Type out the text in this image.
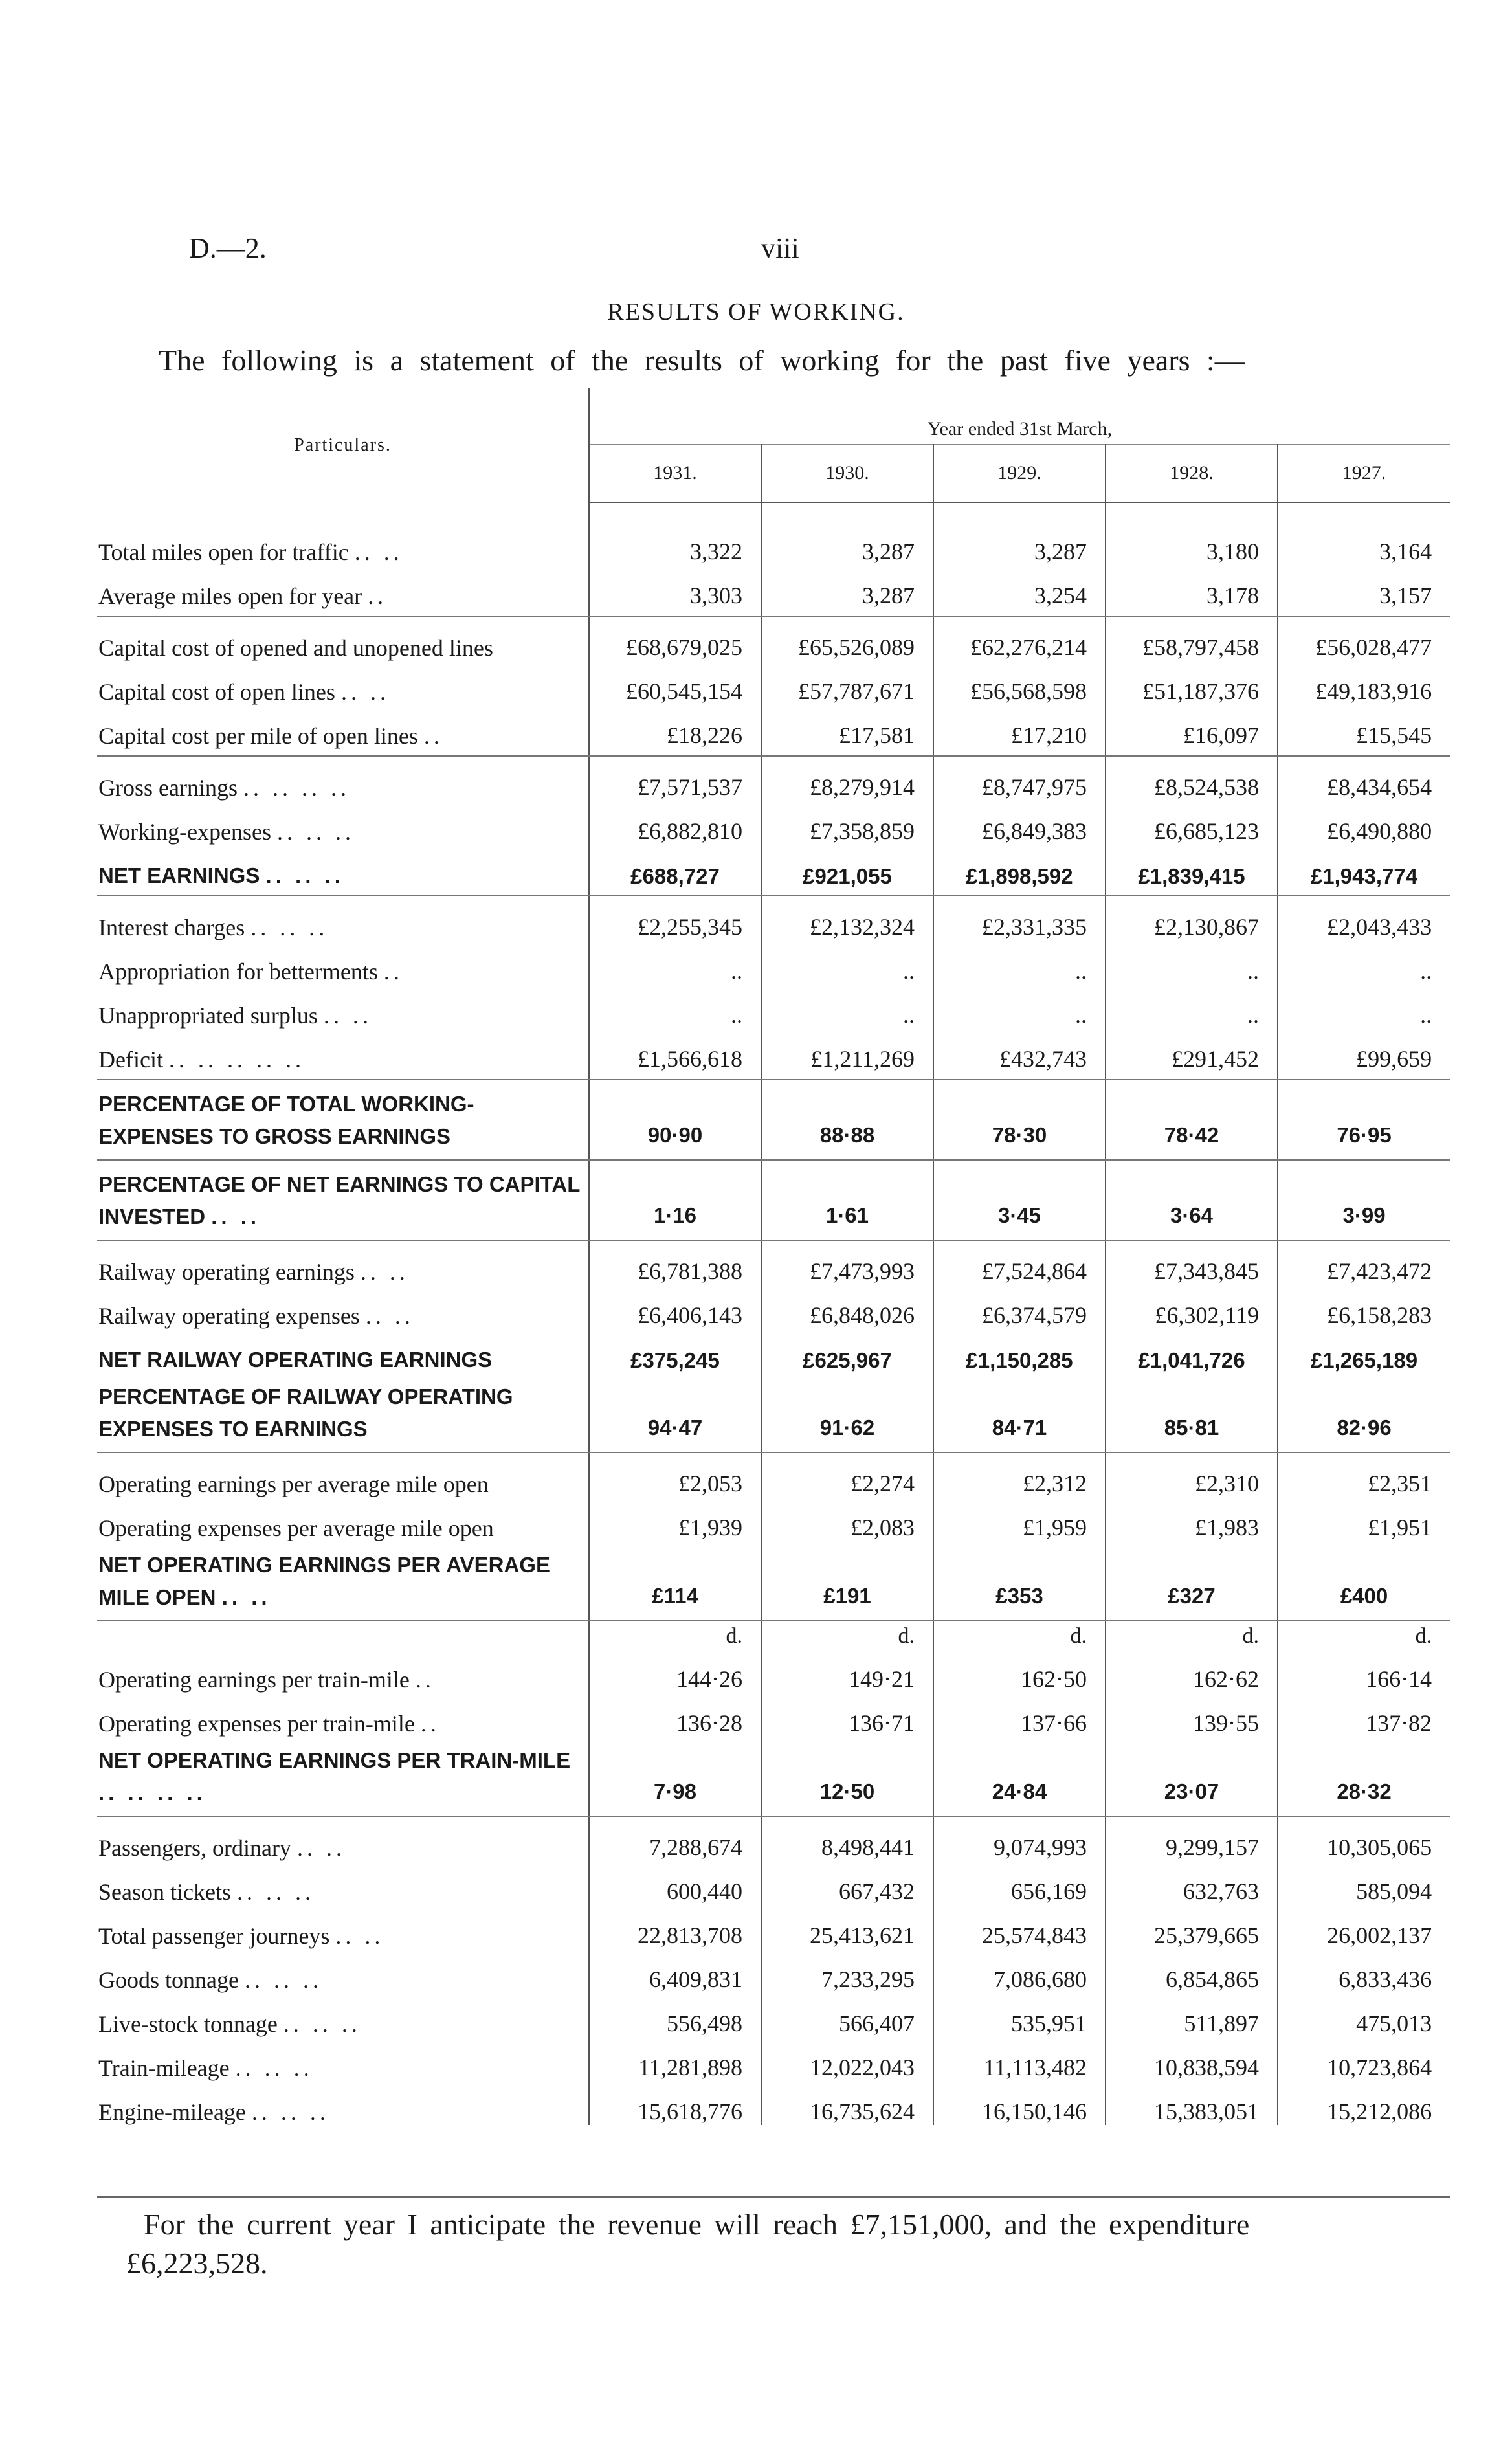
D.—2.	viii
RESULTS OF WORKING.
The following is a statement of the results of working for the past five years :—
Particulars.	Year ended 31st March,				
	1931.	1930.	1929.	1928.	1927.

Total miles open for traffic .. ..	3,322	3,287	3,287	3,180	3,164
Average miles open for year ..	3,303	3,287	3,254	3,178	3,157

Capital cost of opened and unopened lines	£68,679,025	£65,526,089	£62,276,214	£58,797,458	£56,028,477
Capital cost of open lines .. ..	£60,545,154	£57,787,671	£56,568,598	£51,187,376	£49,183,916
Capital cost per mile of open lines ..	£18,226	£17,581	£17,210	£16,097	£15,545

Gross earnings .. .. .. ..	£7,571,537	£8,279,914	£8,747,975	£8,524,538	£8,434,654
Working-expenses .. .. ..	£6,882,810	£7,358,859	£6,849,383	£6,685,123	£6,490,880
NET EARNINGS .. .. ..	£688,727	£921,055	£1,898,592	£1,839,415	£1,943,774

Interest charges .. .. ..	£2,255,345	£2,132,324	£2,331,335	£2,130,867	£2,043,433
Appropriation for betterments ..	..	..	..	..	..
Unappropriated surplus .. ..	..	..	..	..	..
Deficit .. .. .. .. ..	£1,566,618	£1,211,269	£432,743	£291,452	£99,659

PERCENTAGE OF TOTAL WORKING-EXPENSES TO GROSS EARNINGS	90·90	88·88	78·30	78·42	76·95

PERCENTAGE OF NET EARNINGS TO CAPITAL INVESTED .. ..	1·16	1·61	3·45	3·64	3·99

Railway operating earnings .. ..	£6,781,388	£7,473,993	£7,524,864	£7,343,845	£7,423,472
Railway operating expenses .. ..	£6,406,143	£6,848,026	£6,374,579	£6,302,119	£6,158,283
NET RAILWAY OPERATING EARNINGS	£375,245	£625,967	£1,150,285	£1,041,726	£1,265,189
PERCENTAGE OF RAILWAY OPERATING EXPENSES TO EARNINGS	94·47	91·62	84·71	85·81	82·96

Operating earnings per average mile open	£2,053	£2,274	£2,312	£2,310	£2,351
Operating expenses per average mile open	£1,939	£2,083	£1,959	£1,983	£1,951
NET OPERATING EARNINGS PER AVERAGE MILE OPEN .. ..	£114	£191	£353	£327	£400

	d.	d.	d.	d.	d.
Operating earnings per train-mile ..	144·26	149·21	162·50	162·62	166·14
Operating expenses per train-mile ..	136·28	136·71	137·66	139·55	137·82
NET OPERATING EARNINGS PER TRAIN-MILE .. .. .. ..	7·98	12·50	24·84	23·07	28·32

Passengers, ordinary .. ..	7,288,674	8,498,441	9,074,993	9,299,157	10,305,065
Season tickets .. .. ..	600,440	667,432	656,169	632,763	585,094
Total passenger journeys .. ..	22,813,708	25,413,621	25,574,843	25,379,665	26,002,137
Goods tonnage .. .. ..	6,409,831	7,233,295	7,086,680	6,854,865	6,833,436
Live-stock tonnage .. .. ..	556,498	566,407	535,951	511,897	475,013
Train-mileage .. .. ..	11,281,898	12,022,043	11,113,482	10,838,594	10,723,864
Engine-mileage .. .. ..	15,618,776	16,735,624	16,150,146	15,383,051	15,212,086
For the current year I anticipate the revenue will reach £7,151,000, and the expenditure
£6,223,528.
